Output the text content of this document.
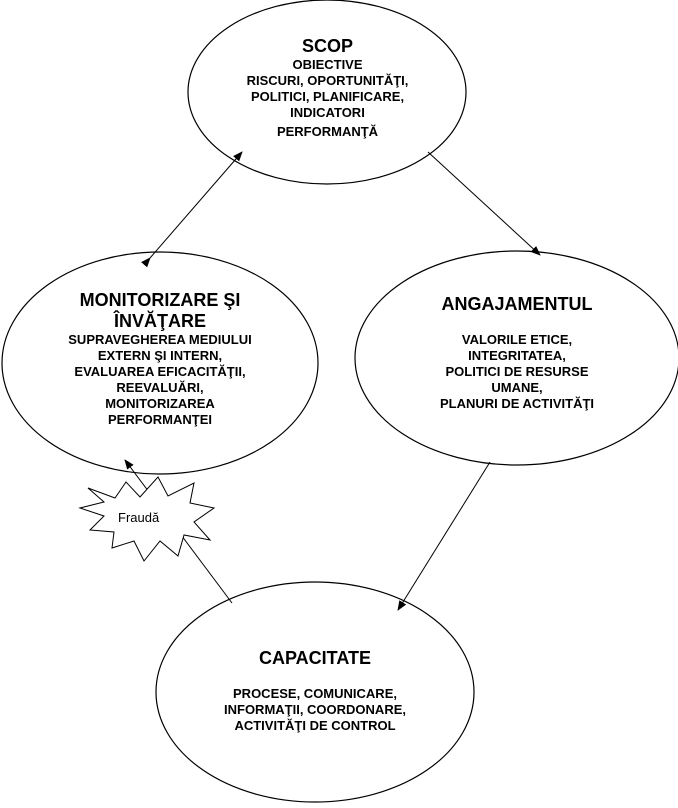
SCOP
OBIECTIVE
RISCURI, OPORTUNITĂŢI,
POLITICI, PLANIFICARE,
INDICATORI
PERFORMANŢĂ
MONITORIZARE ŞI
ÎNVĂŢARE
SUPRAVEGHEREA MEDIULUI
EXTERN ŞI INTERN,
EVALUAREA EFICACITĂŢII,
REEVALUĂRI,
MONITORIZAREA
PERFORMANŢEI
ANGAJAMENTUL
VALORILE ETICE,
INTEGRITATEA,
POLITICI DE RESURSE
UMANE,
PLANURI DE ACTIVITĂŢI
CAPACITATE
PROCESE, COMUNICARE,
INFORMAŢII, COORDONARE,
ACTIVITĂŢI DE CONTROL
Fraudă
